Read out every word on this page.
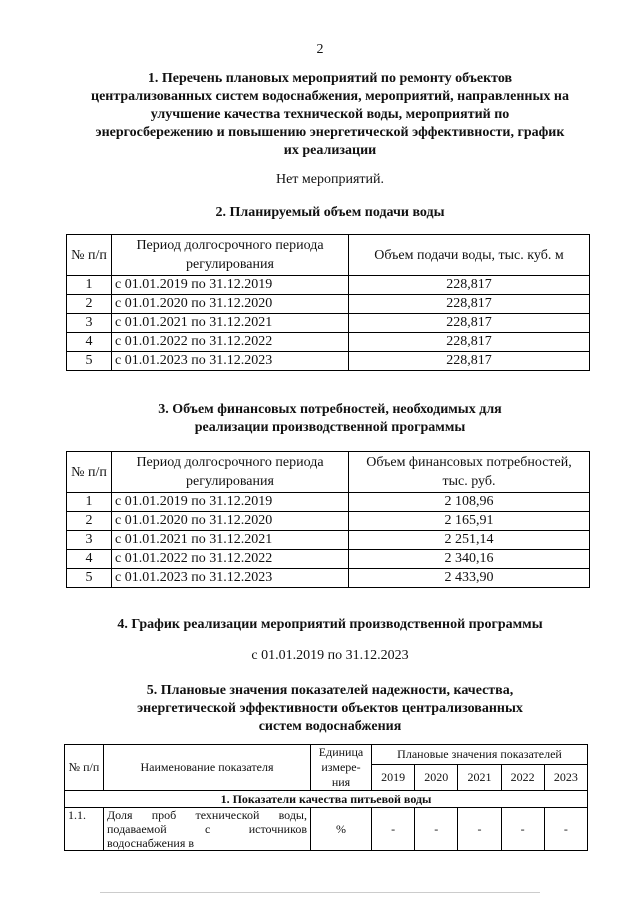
2
1. Перечень плановых мероприятий по ремонту объектов
централизованных систем водоснабжения, мероприятий, направленных на
улучшение качества технической воды, мероприятий по
энергосбережению и повышению энергетической эффективности, график
их реализации
Нет мероприятий.
2. Планируемый объем подачи воды
№ п/п	Период долгосрочного периода регулирования	Объем подачи воды, тыс. куб. м
1	с 01.01.2019 по 31.12.2019	228,817
2	с 01.01.2020 по 31.12.2020	228,817
3	с 01.01.2021 по 31.12.2021	228,817
4	с 01.01.2022 по 31.12.2022	228,817
5	с 01.01.2023 по 31.12.2023	228,817
3. Объем финансовых потребностей, необходимых для
реализации производственной программы
№ п/п	Период долгосрочного периода регулирования	Объем финансовых потребностей, тыс. руб.
1	с 01.01.2019 по 31.12.2019	2 108,96
2	с 01.01.2020 по 31.12.2020	2 165,91
3	с 01.01.2021 по 31.12.2021	2 251,14
4	с 01.01.2022 по 31.12.2022	2 340,16
5	с 01.01.2023 по 31.12.2023	2 433,90
4. График реализации мероприятий производственной программы
с 01.01.2019 по 31.12.2023
5. Плановые значения показателей надежности, качества,
энергетической эффективности объектов централизованных
систем водоснабжения
№ п/п	Наименование показателя	Единица измере-ния	Плановые значения показателей				
			2019	2020	2021	2022	2023
1. Показатели качества питьевой воды							
1.1.	Доля проб технической воды, подаваемой с источников водоснабжения в	%	-	-	-	-	-
